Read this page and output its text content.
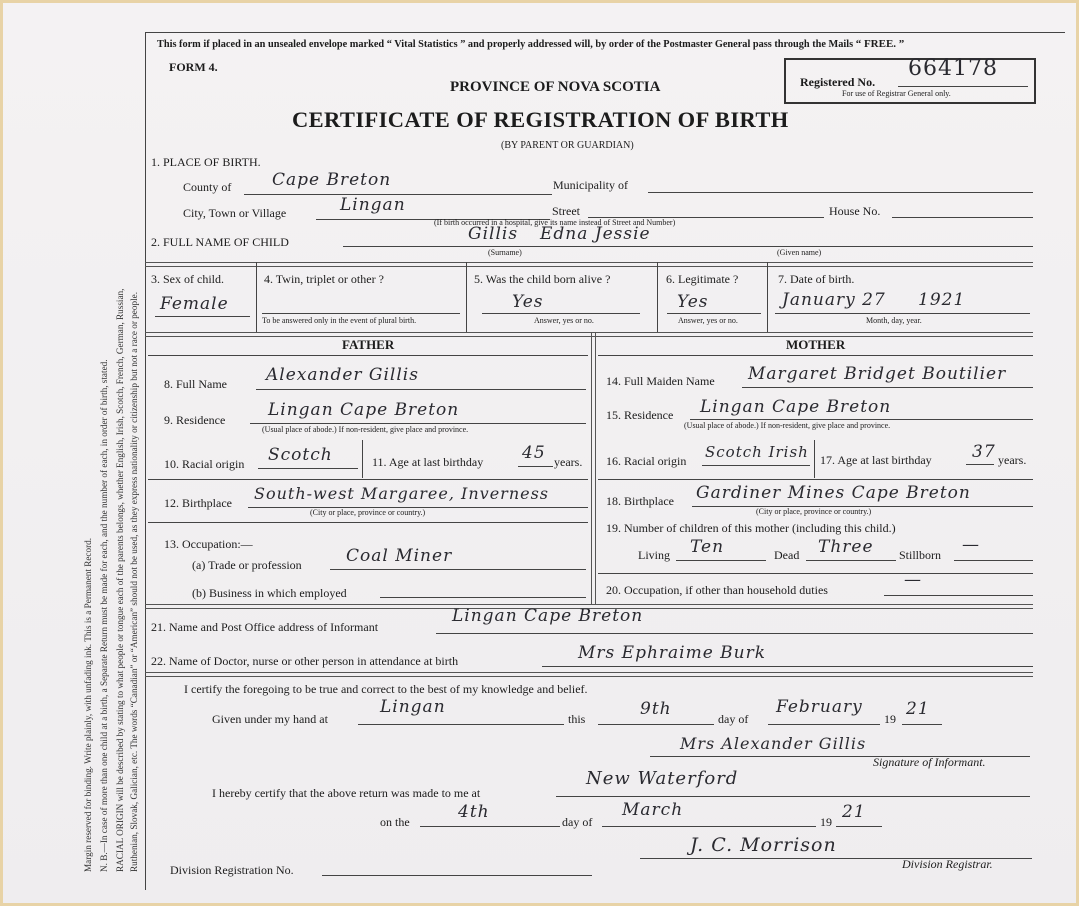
Margin reserved for binding. Write plainly, with unfading ink. This is a Permanent Record. N. B.—In case of more than one child at a birth, a Separate Return must be made for each, and the number of each, in order of birth, stated. RACIAL ORIGIN will be described by stating to what people or tongue each of the parents belongs, whether English, Irish, Scotch, French, German, Russian, Ruthenian, Slovak, Galician, etc. The words “Canadian” or “American” should not be used, as they express nationality or citizenship but not a race or people.
This form if placed in an unsealed envelope marked “ Vital Statistics ” and properly addressed will, by order of the Postmaster General pass through the Mails “ FREE. ”
FORM 4.
PROVINCE OF NOVA SCOTIA
CERTIFICATE OF REGISTRATION OF BIRTH
(BY PARENT OR GUARDIAN)
Registered No.
664178
For use of Registrar General only.
1. PLACE OF BIRTH.
County of Cape Breton	Municipality of
City, Town or Village	Lingan	Street	House No.
(If birth occurred in a hospital, give its name instead of Street and Number)
2. FULL NAME OF CHILD	Gillis Edna Jessie
(Surname)	(Given name)
3. Sex of child.
Female
4. Twin, triplet or other ?
To be answered only in the event of plural birth.
5. Was the child born alive ?
Yes
Answer, yes or no.
6. Legitimate ?
Yes
Answer, yes or no.
7. Date of birth.
January 27 1921
Month, day, year.
FATHER	MOTHER
8. Full Name Alexander Gillis
9. Residence	Lingan Cape Breton
(Usual place of abode.) If non-resident, give place and province.
10. Racial origin Scotch	11. Age at last birthday 45 years.
12. Birthplace South-west Margaree, Inverness
(City or place, province or country.)
13. Occupation:—
(a) Trade or profession	Coal Miner
(b) Business in which employed
14. Full Maiden Name Margaret Bridget Boutilier
15. Residence Lingan Cape Breton
(Usual place of abode.) If non-resident, give place and province.
16. Racial origin Scotch Irish 17. Age at last birthday 37 years.
18. Birthplace Gardiner Mines Cape Breton
(City or place, province or country.)
19. Number of children of this mother (including this child.)
Living Ten	Dead Three Stillborn —
20. Occupation, if other than household duties	—
21. Name and Post Office address of Informant
Lingan Cape Breton
22. Name of Doctor, nurse or other person in attendance at birth	Mrs Ephraime Burk
I certify the foregoing to be true and correct to the best of my knowledge and belief.
Given under my hand at
Lingan
this	9th	day of
February
19 21
Mrs Alexander Gillis
Signature of Informant.
I hereby certify that the above return was made to me at
New Waterford
on the	4th	day of
March
19 21
J. C. Morrison
Division Registrar.
Division Registration No.
